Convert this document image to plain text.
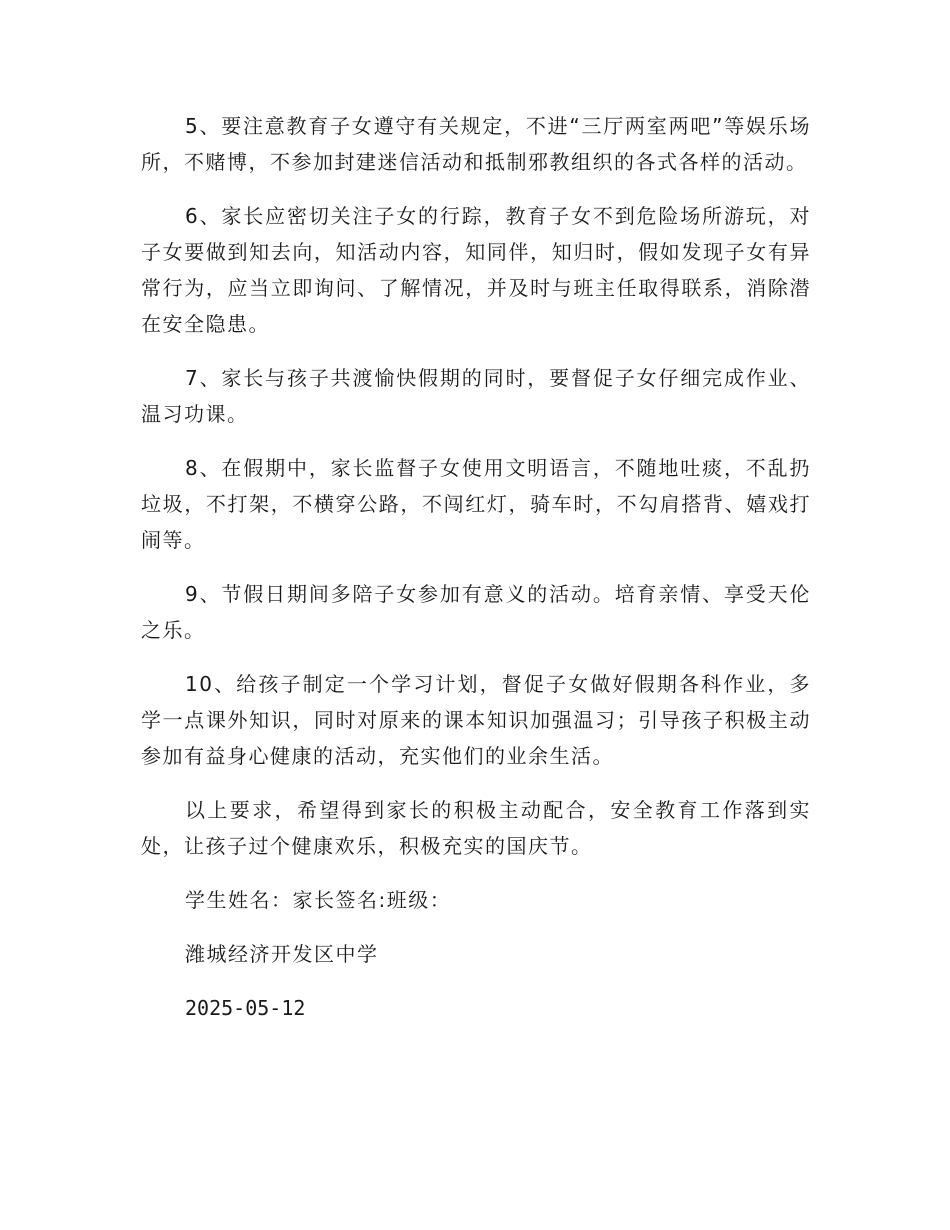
5、要注意教育子女遵守有关规定，不进“三厅两室两吧”等娱乐场所，不赌博，不参加封建迷信活动和抵制邪教组织的各式各样的活动。

6、家长应密切关注子女的行踪，教育子女不到危险场所游玩，对子女要做到知去向，知活动内容，知同伴，知归时，假如发现子女有异常行为，应当立即询问、了解情况，并及时与班主任取得联系，消除潜在安全隐患。

7、家长与孩子共渡愉快假期的同时，要督促子女仔细完成作业、温习功课。

8、在假期中，家长监督子女使用文明语言，不随地吐痰，不乱扔垃圾，不打架，不横穿公路，不闯红灯，骑车时，不勾肩搭背、嬉戏打闹等。

9、节假日期间多陪子女参加有意义的活动。培育亲情、享受天伦之乐。

10、给孩子制定一个学习计划，督促子女做好假期各科作业，多学一点课外知识，同时对原来的课本知识加强温习；引导孩子积极主动参加有益身心健康的活动，充实他们的业余生活。

以上要求，希望得到家长的积极主动配合，安全教育工作落到实处，让孩子过个健康欢乐，积极充实的国庆节。

学生姓名：家长签名:班级：

潍城经济开发区中学

2025-05-12
